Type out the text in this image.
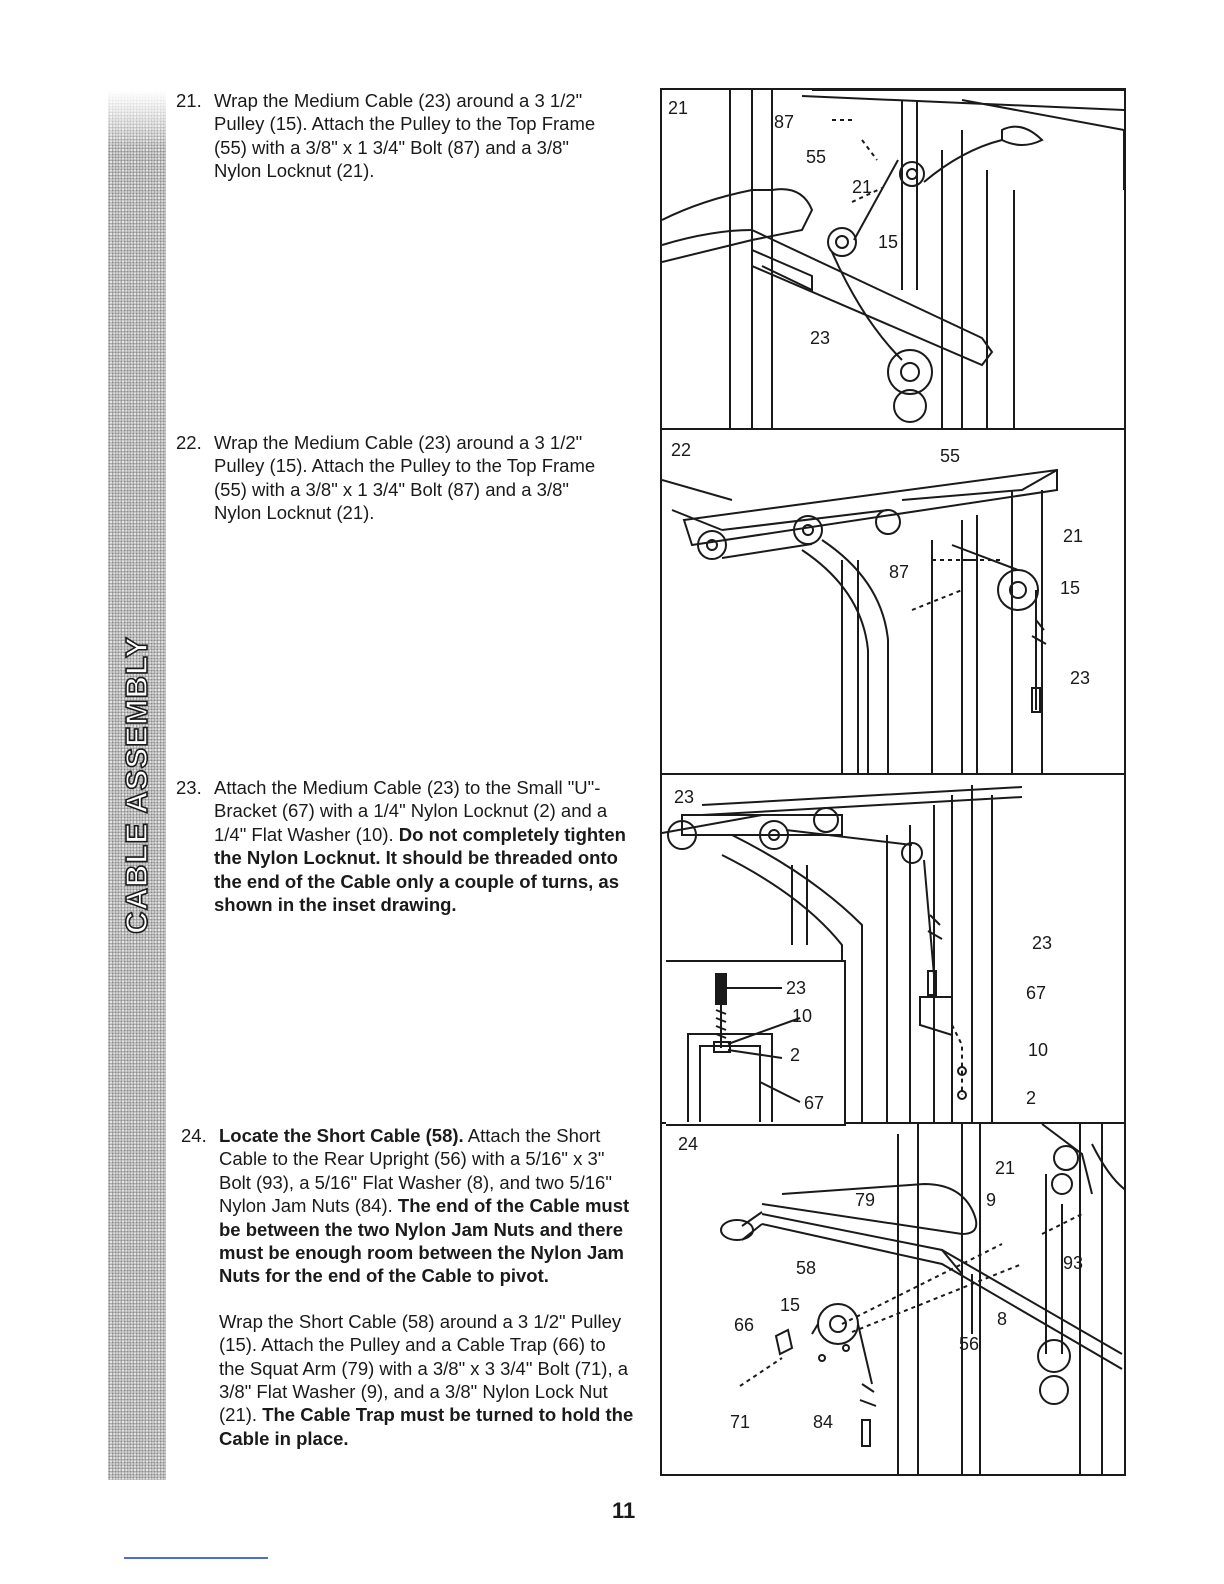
CABLE ASSEMBLY
21. Wrap the Medium Cable (23) around a 3 1/2" Pulley (15). Attach the Pulley to the Top Frame (55) with a 3/8" x 1 3/4" Bolt (87) and a 3/8" Nylon Locknut (21).

22. Wrap the Medium Cable (23) around a 3 1/2" Pulley (15). Attach the Pulley to the Top Frame (55) with a 3/8" x 1 3/4" Bolt (87) and a 3/8" Nylon Locknut (21).

23. Attach the Medium Cable (23) to the Small "U"-Bracket (67) with a 1/4" Nylon Locknut (2) and a 1/4" Flat Washer (10). Do not completely tighten the Nylon Locknut. It should be threaded onto the end of the Cable only a couple of turns, as shown in the inset drawing.

24. Locate the Short Cable (58). Attach the Short Cable to the Rear Upright (56) with a 5/16" x 3" Bolt (93), a 5/16" Flat Washer (8), and two 5/16" Nylon Jam Nuts (84). The end of the Cable must be between the two Nylon Jam Nuts and there must be enough room between the Nylon Jam Nuts for the end of the Cable to pivot.

Wrap the Short Cable (58) around a 3 1/2" Pulley (15). Attach the Pulley and a Cable Trap (66) to the Squat Arm (79) with a 3/8" x 3 3/4" Bolt (71), a 3/8" Flat Washer (9), and a 3/8" Nylon Lock Nut (21). The Cable Trap must be turned to hold the Cable in place.

21
87
55
21
15
23
22	55
21
87
15
23
23
23
67
10
2
23
10
2
67
24
21
79	9
58	93
15
8
66
56
71	84
11
